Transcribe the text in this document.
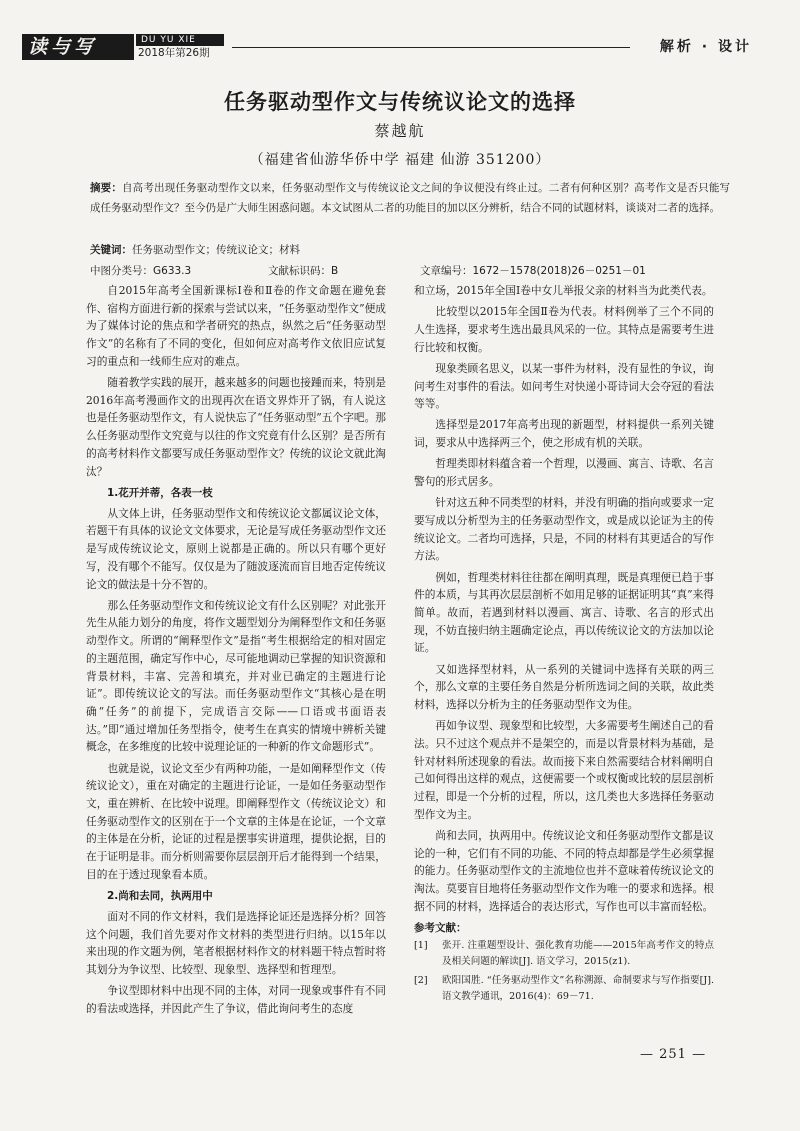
读与写	DU YU XIE
2018年第26期	解析 · 设计
任务驱动型作文与传统议论文的选择
蔡越航
（福建省仙游华侨中学 福建 仙游 351200）
摘要：自高考出现任务驱动型作文以来，任务驱动型作文与传统议论文之间的争议便没有终止过。二者有何种区别？高考作文是否只能写成任务驱动型作文？至今仍是广大师生困惑问题。本文试图从二者的功能目的加以区分辨析，结合不同的试题材料，谈谈对二者的选择。
关键词：任务驱动型作文；传统议论文；材料
中图分类号：G633.3	文献标识码：B	文章编号：1672－1578(2018)26－0251－01

自2015年高考全国新课标Ⅰ卷和Ⅱ卷的作文命题在避免套作、宿构方面进行新的探索与尝试以来，“任务驱动型作文”便成为了媒体讨论的焦点和学者研究的热点，纵然之后“任务驱动型作文”的名称有了不同的变化，但如何应对高考作文依旧应试复习的重点和一线师生应对的难点。

随着教学实践的展开，越来越多的问题也接踵而来，特别是2016年高考漫画作文的出现再次在语文界炸开了锅，有人说这也是任务驱动型作文，有人说快忘了“任务驱动型”五个字吧。那么任务驱动型作文究竟与以往的作文究竟有什么区别？是否所有的高考材料作文都要写成任务驱动型作文？传统的议论文就此淘汰？

1.花开并蒂，各表一枝

从文体上讲，任务驱动型作文和传统议论文都属议论文体，若题干有具体的议论文文体要求，无论是写成任务驱动型作文还是写成传统议论文，原则上说都是正确的。所以只有哪个更好写，没有哪个不能写。仅仅是为了随波逐流而盲目地否定传统议论文的做法是十分不智的。

那么任务驱动型作文和传统议论文有什么区别呢？对此张开先生从能力划分的角度，将作文题型划分为阐释型作文和任务驱动型作文。所谓的“阐释型作文”是指“考生根据给定的相对固定的主题范围，确定写作中心，尽可能地调动已掌握的知识资源和背景材料，丰富、完善和填充，并对业已确定的主题进行论证”。即传统议论文的写法。而任务驱动型作文“其核心是在明确“任务”的前提下，完成语言交际——口语或书面语表达。”即“通过增加任务型指令，使考生在真实的情境中辨析关键概念，在多维度的比较中说理论证的一种新的作文命题形式”。

也就是说，议论文至少有两种功能，一是如阐释型作文（传统议论文），重在对确定的主题进行论证，一是如任务驱动型作文，重在辨析、在比较中说理。即阐释型作文（传统议论文）和任务驱动型作文的区别在于一个文章的主体是在论证，一个文章的主体是在分析，论证的过程是摆事实讲道理，提供论据，目的在于证明是非。而分析则需要你层层剖开后才能得到一个结果，目的在于透过现象看本质。

2.尚和去同，执两用中

面对不同的作文材料，我们是选择论证还是选择分析？回答这个问题，我们首先要对作文材料的类型进行归纳。以15年以来出现的作文题为例，笔者根据材料作文的材料题干特点暂时将其划分为争议型、比较型、现象型、选择型和哲理型。

争议型即材料中出现不同的主体，对同一现象或事件有不同的看法或选择，并因此产生了争议，借此询问考生的态度

和立场，2015年全国Ⅰ卷中女儿举报父亲的材料当为此类代表。

比较型以2015年全国Ⅱ卷为代表。材料例举了三个不同的人生选择，要求考生选出最具风采的一位。其特点是需要考生进行比较和权衡。

现象类顾名思义，以某一事件为材料，没有显性的争议，询问考生对事件的看法。如问考生对快递小哥诗词大会夺冠的看法等等。

选择型是2017年高考出现的新题型，材料提供一系列关键词，要求从中选择两三个，使之形成有机的关联。

哲理类即材料蕴含着一个哲理，以漫画、寓言、诗歌、名言警句的形式居多。

针对这五种不同类型的材料，并没有明确的指向或要求一定要写成以分析型为主的任务驱动型作文，或是成以论证为主的传统议论文。二者均可选择，只是，不同的材料有其更适合的写作方法。

例如，哲理类材料往往都在阐明真理，既是真理便已趋于事件的本质，与其再次层层剖析不如用足够的证据证明其“真”来得简单。故而，若遇到材料以漫画、寓言、诗歌、名言的形式出现，不妨直接归纳主题确定论点，再以传统议论文的方法加以论证。

又如选择型材料，从一系列的关键词中选择有关联的两三个，那么文章的主要任务自然是分析所选词之间的关联，故此类材料，选择以分析为主的任务驱动型作文为佳。

再如争议型、现象型和比较型，大多需要考生阐述自己的看法。只不过这个观点并不是架空的，而是以背景材料为基础，是针对材料所述现象的看法。故而接下来自然需要结合材料阐明自己如何得出这样的观点，这便需要一个或权衡或比较的层层剖析过程，即是一个分析的过程，所以，这几类也大多选择任务驱动型作文为主。

尚和去同，执两用中。传统议论文和任务驱动型作文都是议论的一种，它们有不同的功能、不同的特点却都是学生必须掌握的能力。任务驱动型作文的主流地位也并不意味着传统议论文的淘汰。莫要盲目地将任务驱动型作文作为唯一的要求和选择。根据不同的材料，选择适合的表达形式，写作也可以丰富而轻松。

参考文献：
[1]	张开. 注重题型设计、强化教育功能——2015年高考作文的特点及相关问题的解读[J]. 语文学习，2015(z1).
[2]	欧阳国胜. “任务驱动型作文”名称溯源、命制要求与写作指要[J]. 语文教学通讯，2016(4)：69－71.
— 251 —
